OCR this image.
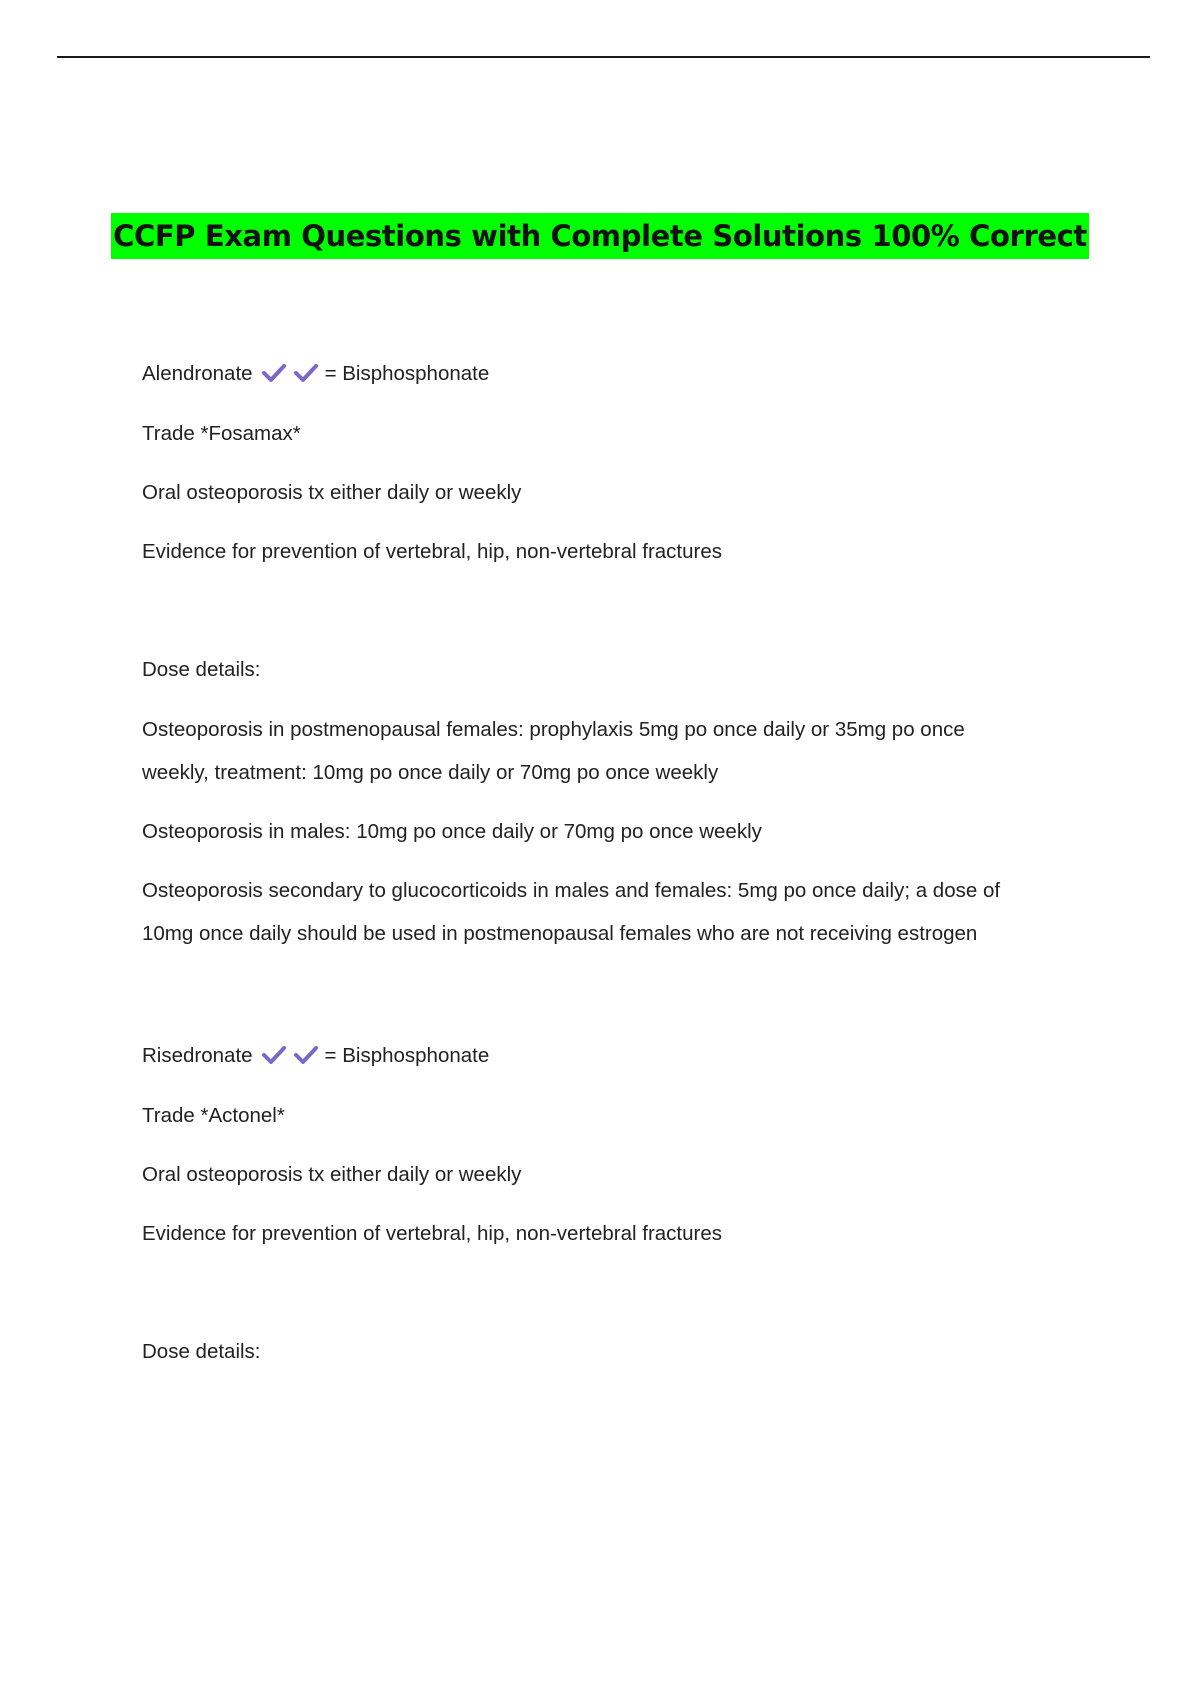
CCFP Exam Questions with Complete Solutions 100% Correct
Alendronate	= Bisphosphonate
Trade *Fosamax*
Oral osteoporosis tx either daily or weekly
Evidence for prevention of vertebral, hip, non-vertebral fractures
Dose details:
Osteoporosis in postmenopausal females: prophylaxis 5mg po once daily or 35mg po once
weekly, treatment: 10mg po once daily or 70mg po once weekly
Osteoporosis in males: 10mg po once daily or 70mg po once weekly
Osteoporosis secondary to glucocorticoids in males and females: 5mg po once daily; a dose of
10mg once daily should be used in postmenopausal females who are not receiving estrogen
Risedronate	= Bisphosphonate
Trade *Actonel*
Oral osteoporosis tx either daily or weekly
Evidence for prevention of vertebral, hip, non-vertebral fractures
Dose details:
